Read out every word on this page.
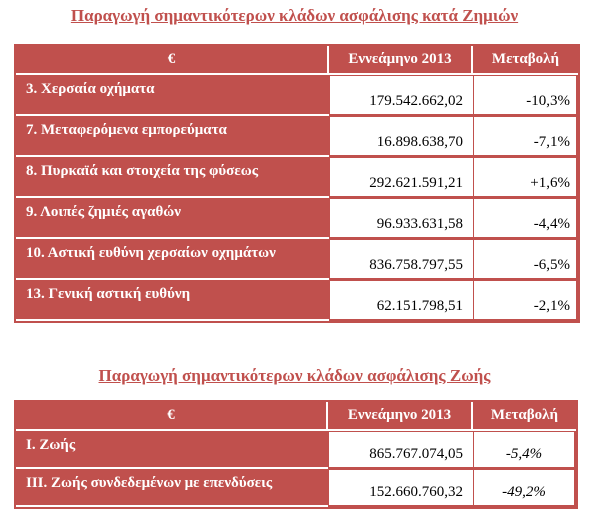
Παραγωγή σημαντικότερων κλάδων ασφάλισης κατά Ζημιών
€	Εννεάμηνο 2013	Μεταβολή
3. Χερσαία οχήματα	179.542.662,02	-10,3%
7. Μεταφερόμενα εμπορεύματα	16.898.638,70	-7,1%
8. Πυρκαϊά και στοιχεία της φύσεως	292.621.591,21	+1,6%
9. Λοιπές ζημιές αγαθών	96.933.631,58	-4,4%
10. Αστική ευθύνη χερσαίων οχημάτων	836.758.797,55	-6,5%
13. Γενική αστική ευθύνη	62.151.798,51	-2,1%
Παραγωγή σημαντικότερων κλάδων ασφάλισης Ζωής
€	Εννεάμηνο 2013	Μεταβολή
I. Ζωής	865.767.074,05	-5,4%
III. Ζωής συνδεδεμένων με επενδύσεις	152.660.760,32	-49,2%
